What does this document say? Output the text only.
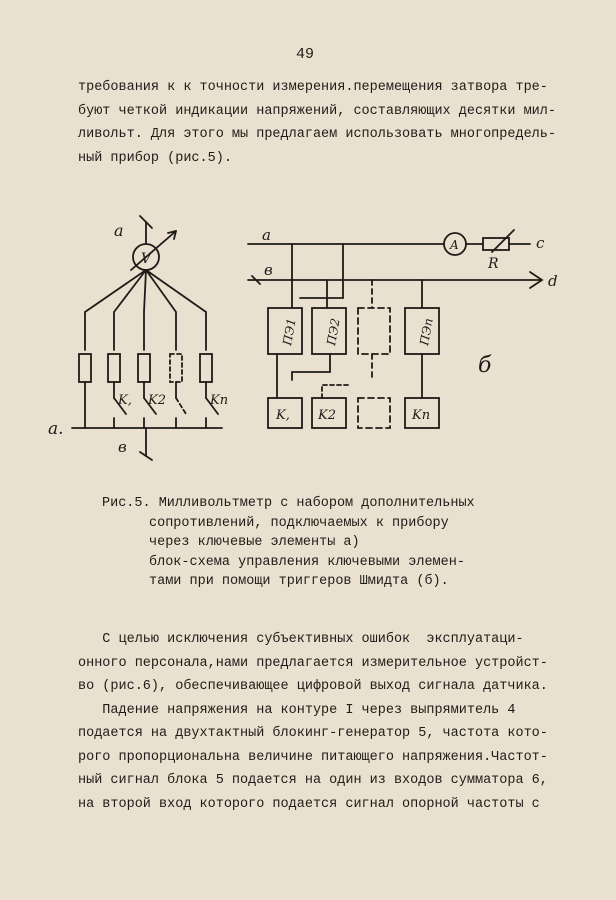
49
требования к к точности измерения.перемещения затвора тре-
буют четкой индикации напряжений, составляющих десятки мил-
ливольт. Для этого мы предлагаем использовать многопредель-
ный прибор (рис.5).
V
a
в
a.
K, K2	Kn
a
в
A
R
c
d
ПЭ1 ПЭ2	ПЭn
K, K2	Kn
б
Рис.5. Милливольтметр с набором дополнительных
сопротивлений, подключаемых к прибору
через ключевые элементы а)
блок-схема управления ключевыми элемен-
тами при помощи триггеров Шмидта (б).
С целью исключения субъективных ошибок  эксплуатаци-
онного персонала,нами предлагается измерительное устройст-
во (рис.6), обеспечивающее цифровой выход сигнала датчика.
Падение напряжения на контуре I через выпрямитель 4
подается на двухтактный блокинг-генератор 5, частота кото-
рого пропорциональна величине питающего напряжения.Частот-
ный сигнал блока 5 подается на один из входов сумматора 6,
на второй вход которого подается сигнал опорной частоты с
